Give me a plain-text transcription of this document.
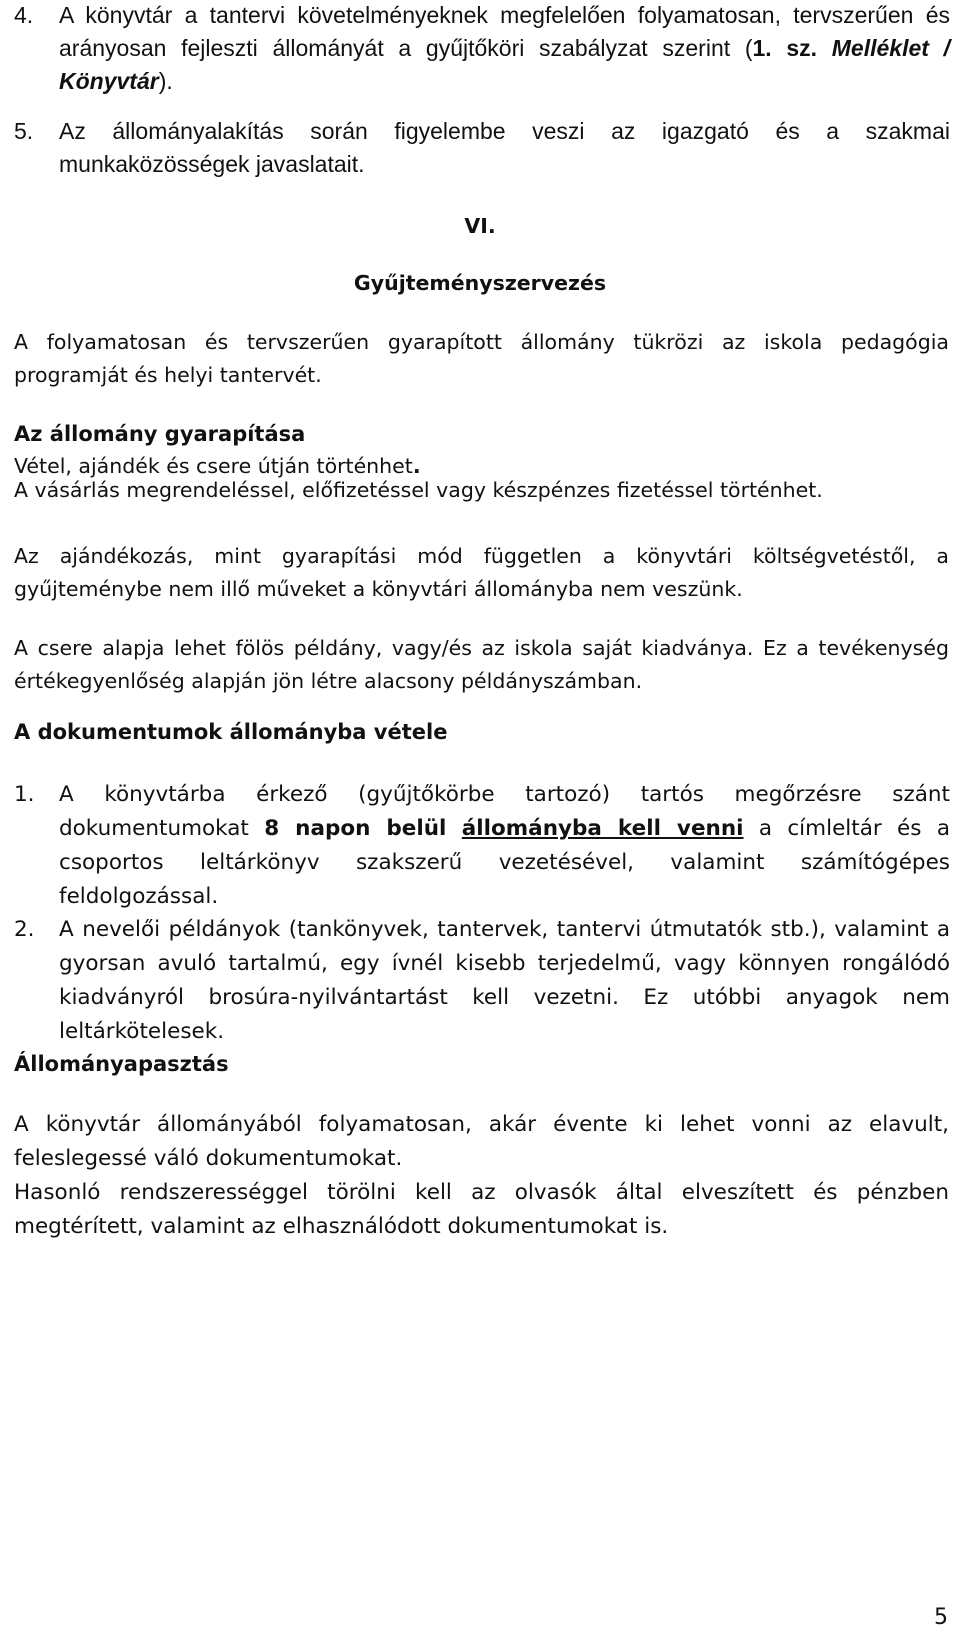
4. A könyvtár a tantervi követelményeknek megfelelően folyamatosan, tervszerűen és arányosan fejleszti állományát a gyűjtőköri szabályzat szerint (1. sz. Melléklet / Könyvtár).
5. Az állományalakítás során figyelembe veszi az igazgató és a szakmai munkaközösségek javaslatait.
VI.
Gyűjteményszervezés
A folyamatosan és tervszerűen gyarapított állomány tükrözi az iskola pedagógia programját és helyi tantervét.
Az állomány gyarapítása
Vétel, ajándék és csere útján történhet.
A vásárlás megrendeléssel, előfizetéssel vagy készpénzes fizetéssel történhet.
Az ajándékozás, mint gyarapítási mód független a könyvtári költségvetéstől, a gyűjteménybe nem illő műveket a könyvtári állományba nem veszünk.
A csere alapja lehet fölös példány, vagy/és az iskola saját kiadványa. Ez a tevékenység értékegyenlőség alapján jön létre alacsony példányszámban.
A dokumentumok állományba vétele
1. A könyvtárba érkező (gyűjtőkörbe tartozó) tartós megőrzésre szánt dokumentumokat 8 napon belül állományba kell venni a címleltár és a csoportos leltárkönyv szakszerű vezetésével, valamint számítógépes feldolgozással.
2. A nevelői példányok (tankönyvek, tantervek, tantervi útmutatók stb.), valamint a gyorsan avuló tartalmú, egy ívnél kisebb terjedelmű, vagy könnyen rongálódó kiadványról brosúra-nyilvántartást kell vezetni. Ez utóbbi anyagok nem leltárkötelesek.
Állományapasztás
A könyvtár állományából folyamatosan, akár évente ki lehet vonni az elavult, feleslegessé váló dokumentumokat.
Hasonló rendszerességgel törölni kell az olvasók által elveszített és pénzben megtérített, valamint az elhasználódott dokumentumokat is.
5
